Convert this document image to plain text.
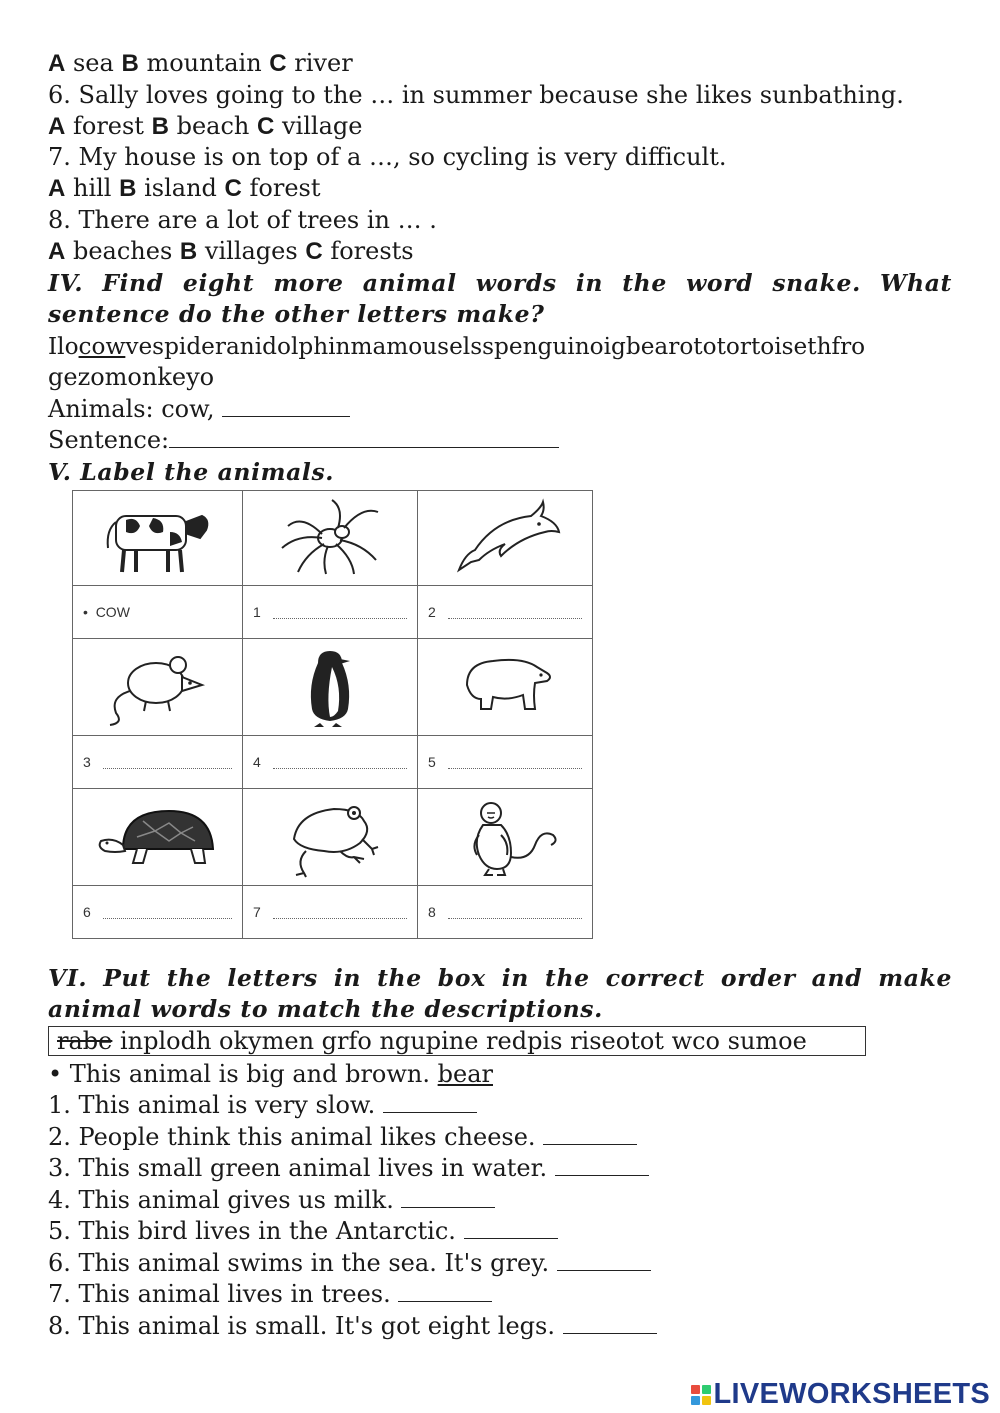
A sea B mountain C river
6. Sally loves going to the … in summer because she likes sunbathing.
A forest B beach C village
7. My house is on top of a …, so cycling is very difficult.
A hill B island C forest
8. There are a lot of trees in … .
A beaches B villages C forests
IV. Find eight more animal words in the word snake. What
sentence do the other letters make?
Ilocowvespideranidolphinmamouselsspenguinoigbearototortoisethfro
gezomonkeyo
Animals: cow,
Sentence:
V. Label the animals.

•
COW	1	2

3	4	5

6	7	8
VI. Put the letters in the box in the correct order and make
animal words to match the descriptions.
rabe inplodh okymen grfo ngupine redpis riseotot wco sumoe
• This animal is big and brown. bear
1. This animal is very slow.
2. People think this animal likes cheese.
3. This small green animal lives in water.
4. This animal gives us milk.
5. This bird lives in the Antarctic.
6. This animal swims in the sea. It's grey.
7. This animal lives in trees.
8. This animal is small. It's got eight legs.
LIVEWORKSHEETS
